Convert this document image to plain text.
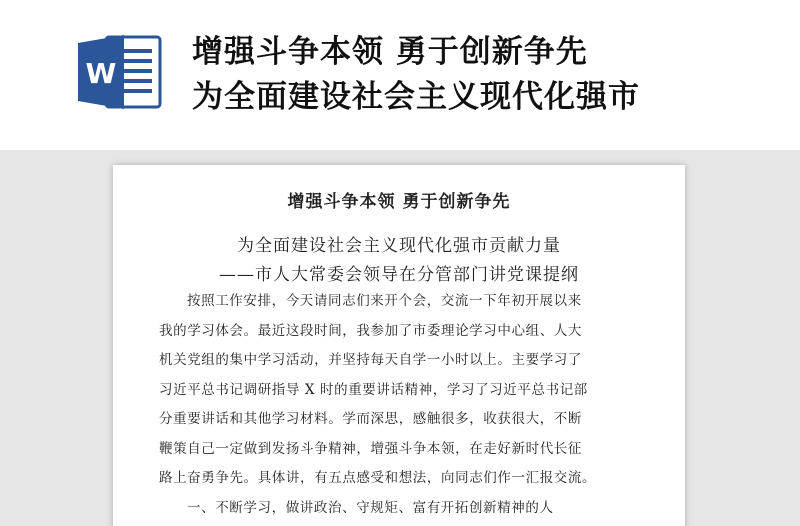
W
增强斗争本领 勇于创新争先
为全面建设社会主义现代化强市
增强斗争本领 勇于创新争先
为全面建设社会主义现代化强市贡献力量
——市人大常委会领导在分管部门讲党课提纲
按照工作安排，今天请同志们来开个会，交流一下年初开展以来
我的学习体会。最近这段时间，我参加了市委理论学习中心组、人大
机关党组的集中学习活动，并坚持每天自学一小时以上。主要学习了
习近平总书记调研指导 X 时的重要讲话精神，学习了习近平总书记部
分重要讲话和其他学习材料。学而深思，感触很多，收获很大，不断
鞭策自己一定做到发扬斗争精神，增强斗争本领，在走好新时代长征
路上奋勇争先。具体讲，有五点感受和想法，向同志们作一汇报交流。
一、不断学习，做讲政治、守规矩、富有开拓创新精神的人
